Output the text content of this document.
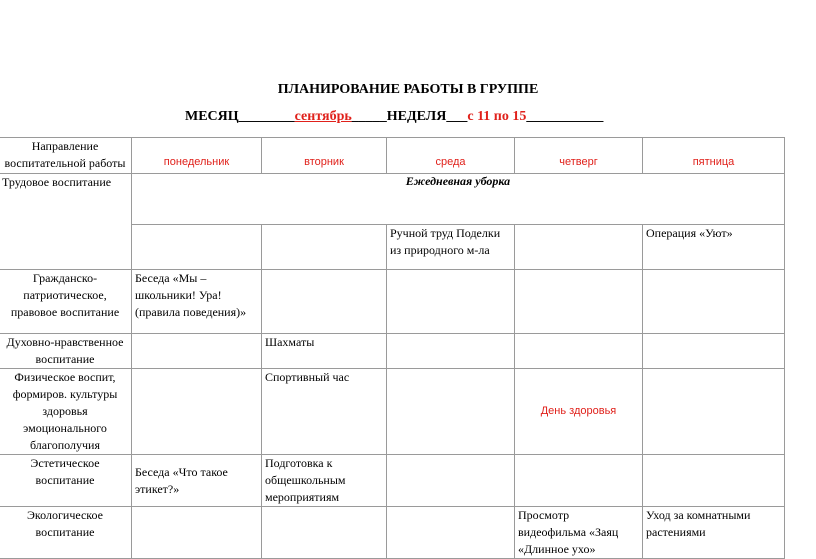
ПЛАНИРОВАНИЕ РАБОТЫ В ГРУППЕ
МЕСЯЦ________сентябрь_____НЕДЕЛЯ___с 11 по 15___________
Направление воспитательной работы	понедельник	вторник	среда	четверг	пятница
Трудовое воспитание	Ежедневная уборка				
			Ручной труд Поделки из природного м-ла		Операция «Уют»
Гражданско-патриотическое, правовое воспитание	Беседа «Мы – школьники! Ура!(правила поведения)»				
Духовно-нравственное воспитание		Шахматы			
Физическое воспит, формиров. культуры здоровья эмоционального благополучия		Спортивный час		День здоровья	
Эстетическое воспитание	Беседа «Что такое этикет?»	Подготовка к общешкольным мероприятиям			
Экологическое воспитание				Просмотр видеофильма «Заяц «Длинное ухо»	Уход за комнатными растениями
